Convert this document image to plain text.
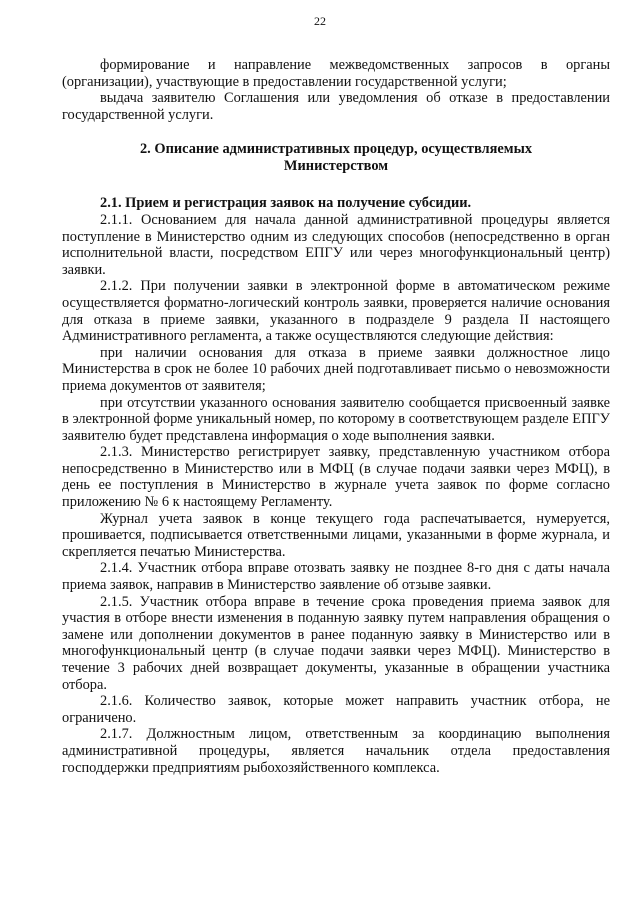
22

формирование и направление межведомственных запросов в органы (организации), участвующие в предоставлении государственной услуги;

выдача заявителю Соглашения или уведомления об отказе в предоставлении государственной услуги.

2. Описание административных процедур, осуществляемых
Министерством

2.1. Прием и регистрация заявок на получение субсидии.

2.1.1. Основанием для начала данной административной процедуры является поступление в Министерство одним из следующих способов (непосредственно в орган исполнительной власти, посредством ЕПГУ или через многофункциональный центр) заявки.

2.1.2. При получении заявки в электронной форме в автоматическом режиме осуществляется форматно-логический контроль заявки, проверяется наличие основания для отказа в приеме заявки, указанного в подразделе 9 раздела II настоящего Административного регламента, а также осуществляются следующие действия:

при наличии основания для отказа в приеме заявки должностное лицо Министерства в срок не более 10 рабочих дней подготавливает письмо о невозможности приема документов от заявителя;

при отсутствии указанного основания заявителю сообщается присвоенный заявке в электронной форме уникальный номер, по которому в соответствующем разделе ЕПГУ заявителю будет представлена информация о ходе выполнения заявки.

2.1.3. Министерство регистрирует заявку, представленную участником отбора непосредственно в Министерство или в МФЦ (в случае подачи заявки через МФЦ), в день ее поступления в Министерство в журнале учета заявок по форме согласно приложению № 6 к настоящему Регламенту.

Журнал учета заявок в конце текущего года распечатывается, нумеруется, прошивается, подписывается ответственными лицами, указанными в форме журнала, и скрепляется печатью Министерства.

2.1.4. Участник отбора вправе отозвать заявку не позднее 8-го дня с даты начала приема заявок, направив в Министерство заявление об отзыве заявки.

2.1.5. Участник отбора вправе в течение срока проведения приема заявок для участия в отборе внести изменения в поданную заявку путем направления обращения о замене или дополнении документов в ранее поданную заявку в Министерство или в многофункциональный центр (в случае подачи заявки через МФЦ). Министерство в течение 3 рабочих дней возвращает документы, указанные в обращении участника отбора.

2.1.6. Количество заявок, которые может направить участник отбора, не ограничено.

2.1.7. Должностным лицом, ответственным за координацию выполнения административной процедуры, является начальник отдела предоставления господдержки предприятиям рыбохозяйственного комплекса.
